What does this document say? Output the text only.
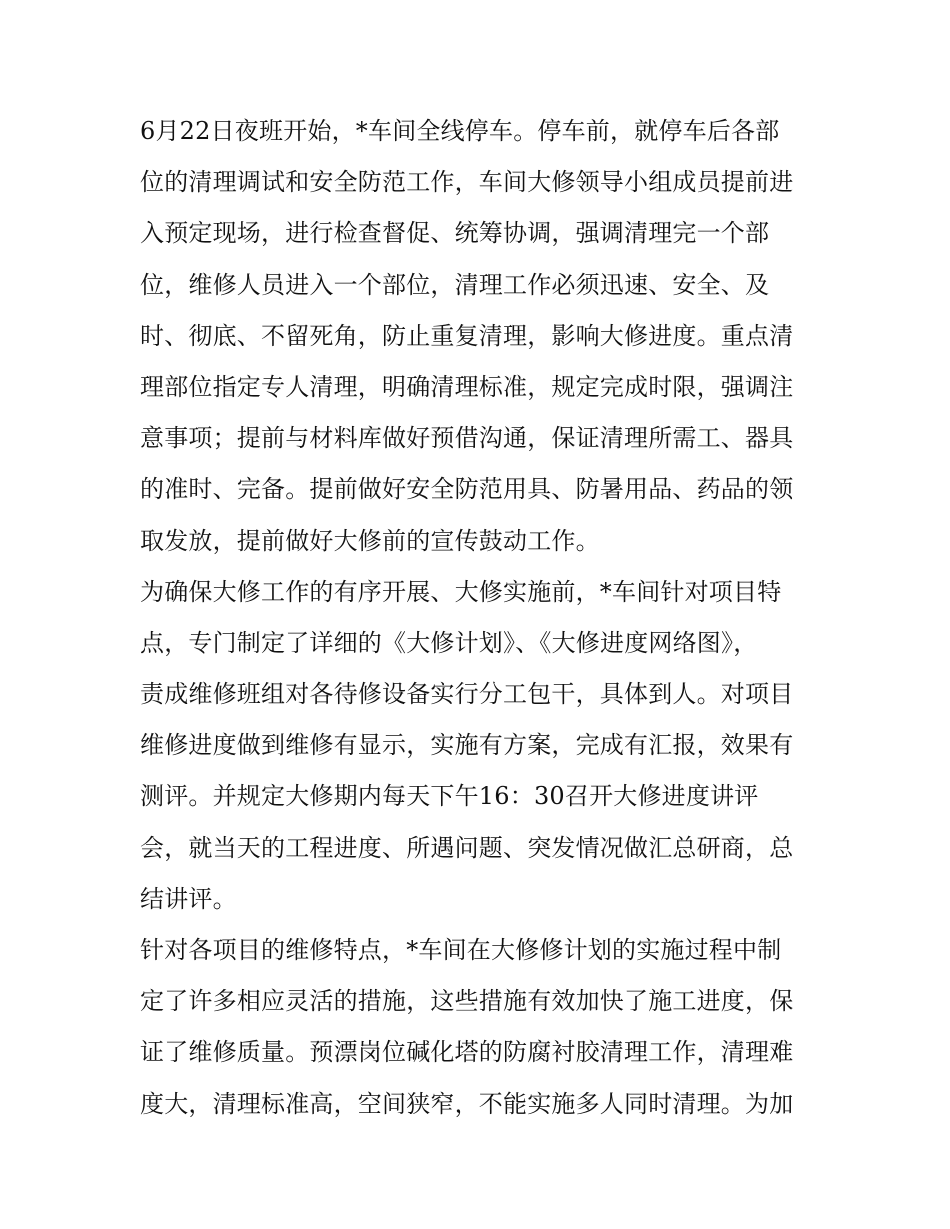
6月22日夜班开始，*车间全线停车。停车前，就停车后各部
位的清理调试和安全防范工作，车间大修领导小组成员提前进
入预定现场，进行检查督促、统筹协调，强调清理完一个部
位，维修人员进入一个部位，清理工作必须迅速、安全、及
时、彻底、不留死角，防止重复清理，影响大修进度。重点清
理部位指定专人清理，明确清理标准，规定完成时限，强调注
意事项；提前与材料库做好预借沟通，保证清理所需工、器具
的准时、完备。提前做好安全防范用具、防暑用品、药品的领
取发放，提前做好大修前的宣传鼓动工作。
为确保大修工作的有序开展、大修实施前，*车间针对项目特
点，专门制定了详细的《大修计划》、《大修进度网络图》，
责成维修班组对各待修设备实行分工包干，具体到人。对项目
维修进度做到维修有显示，实施有方案，完成有汇报，效果有
测评。并规定大修期内每天下午16：30召开大修进度讲评
会，就当天的工程进度、所遇问题、突发情况做汇总研商，总
结讲评。
针对各项目的维修特点，*车间在大修修计划的实施过程中制
定了许多相应灵活的措施，这些措施有效加快了施工进度，保
证了维修质量。预漂岗位碱化塔的防腐衬胶清理工作，清理难
度大，清理标准高，空间狭窄，不能实施多人同时清理。为加
